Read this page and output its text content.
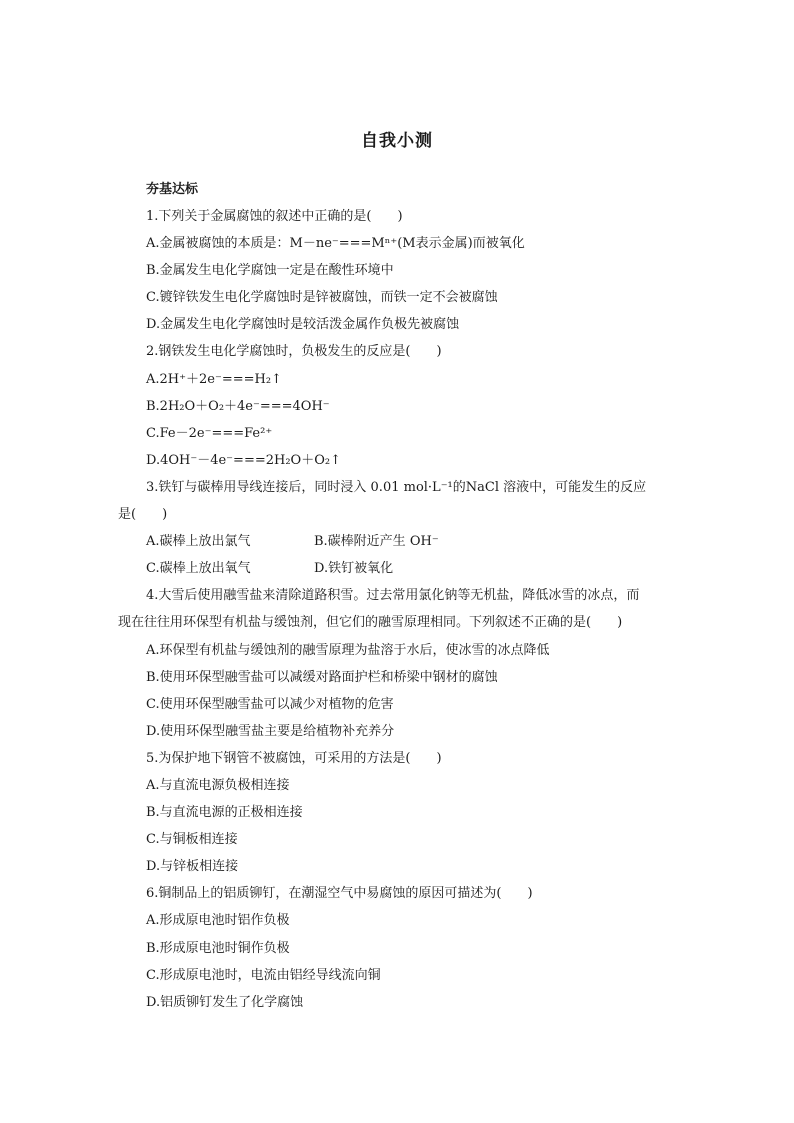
自我小测
夯基达标
1.下列关于金属腐蚀的叙述中正确的是(　　)
A.金属被腐蚀的本质是：M－ne⁻===Mⁿ⁺(M表示金属)而被氧化
B.金属发生电化学腐蚀一定是在酸性环境中
C.镀锌铁发生电化学腐蚀时是锌被腐蚀，而铁一定不会被腐蚀
D.金属发生电化学腐蚀时是较活泼金属作负极先被腐蚀
2.钢铁发生电化学腐蚀时，负极发生的反应是(　　)
A.2H⁺＋2e⁻===H₂↑
B.2H₂O＋O₂＋4e⁻===4OH⁻
C.Fe－2e⁻===Fe²⁺
D.4OH⁻－4e⁻===2H₂O＋O₂↑
3.铁钉与碳棒用导线连接后，同时浸入 0.01 mol·L⁻¹的NaCl 溶液中，可能发生的反应
是(　　)
A.碳棒上放出氯气	B.碳棒附近产生 OH⁻
C.碳棒上放出氧气	D.铁钉被氧化
4.大雪后使用融雪盐来清除道路积雪。过去常用氯化钠等无机盐，降低冰雪的冰点，而
现在往往用环保型有机盐与缓蚀剂，但它们的融雪原理相同。下列叙述不正确的是(　　)
A.环保型有机盐与缓蚀剂的融雪原理为盐溶于水后，使冰雪的冰点降低
B.使用环保型融雪盐可以减缓对路面护栏和桥梁中钢材的腐蚀
C.使用环保型融雪盐可以减少对植物的危害
D.使用环保型融雪盐主要是给植物补充养分
5.为保护地下钢管不被腐蚀，可采用的方法是(　　)
A.与直流电源负极相连接
B.与直流电源的正极相连接
C.与铜板相连接
D.与锌板相连接
6.铜制品上的铝质铆钉，在潮湿空气中易腐蚀的原因可描述为(　　)
A.形成原电池时铝作负极
B.形成原电池时铜作负极
C.形成原电池时，电流由铝经导线流向铜
D.铝质铆钉发生了化学腐蚀
